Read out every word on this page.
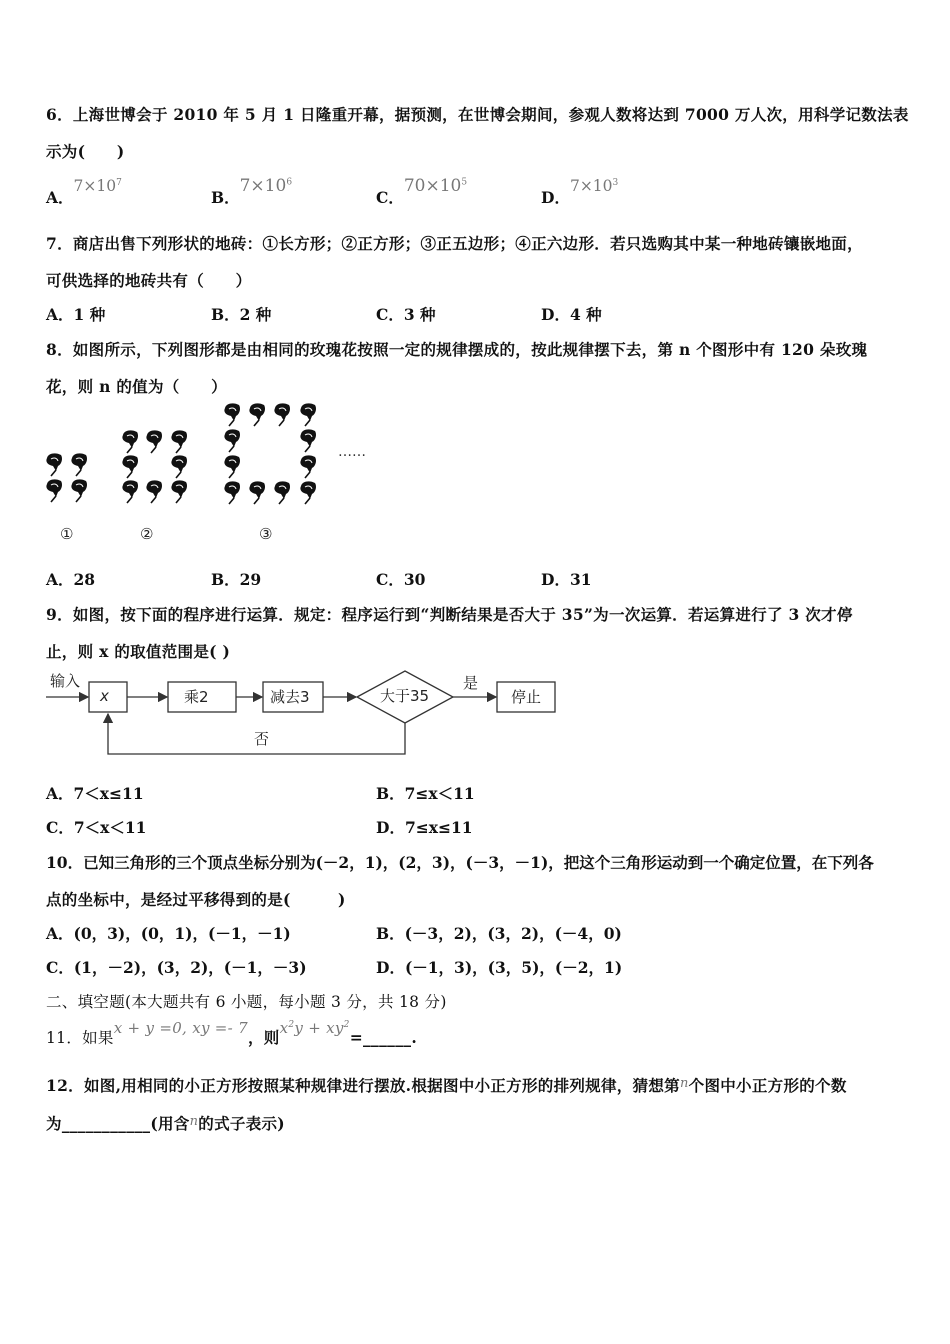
6．上海世博会于 2010 年 5 月 1 日隆重开幕，据预测，在世博会期间，参观人数将达到 7000 万人次，用科学记数法表
示为(　　)
A．$7\times 10^7$
B．$7\times 10^6$
C．$70\times 10^5$
D．$7\times 10^3$
7．商店出售下列形状的地砖：①长方形；②正方形；③正五边形；④正六边形．若只选购其中某一种地砖镶嵌地面，
可供选择的地砖共有（　　）
A．1 种	B．2 种	C．3 种	D．4 种
8．如图所示，下列图形都是由相同的玫瑰花按照一定的规律摆成的，按此规律摆下去，第 n 个图形中有 120 朵玫瑰
花，则 n 的值为（　　）
……
①	②	③
A．28	B．29	C．30	D．31
9．如图，按下面的程序进行运算．规定：程序运行到“判断结果是否大于 35”为一次运算．若运算进行了 3 次才停
止，则 x 的取值范围是( )
输入
x	乘2	减去3	大于35
是
停止
否
A．7＜x≤11	B．7≤x＜11
C．7＜x＜11	D．7≤x≤11
10．已知三角形的三个顶点坐标分别为(－2，1)，(2，3)，(－3，－1)，把这个三角形运动到一个确定位置，在下列各
点的坐标中，是经过平移得到的是(　　　)
A．(0，3)，(0，1)，(－1，－1)	B．(－3，2)，(3，2)，(－4，0)
C．(1，－2)，(3，2)，(－1，－3)	D．(－1，3)，(3，5)，(－2，1)
二、填空题(本大题共有 6 小题，每小题 3 分，共 18 分)
11．如果x + y =0, xy =- 7，则$x^2y$ + $xy^2=\_\_\_\_\_\_$.
12．如图,用相同的小正方形按照某种规律进行摆放.根据图中小正方形的排列规律，猜想第$^n$个图中小正方形的个数
为___________(用含$^n$的式子表示)
